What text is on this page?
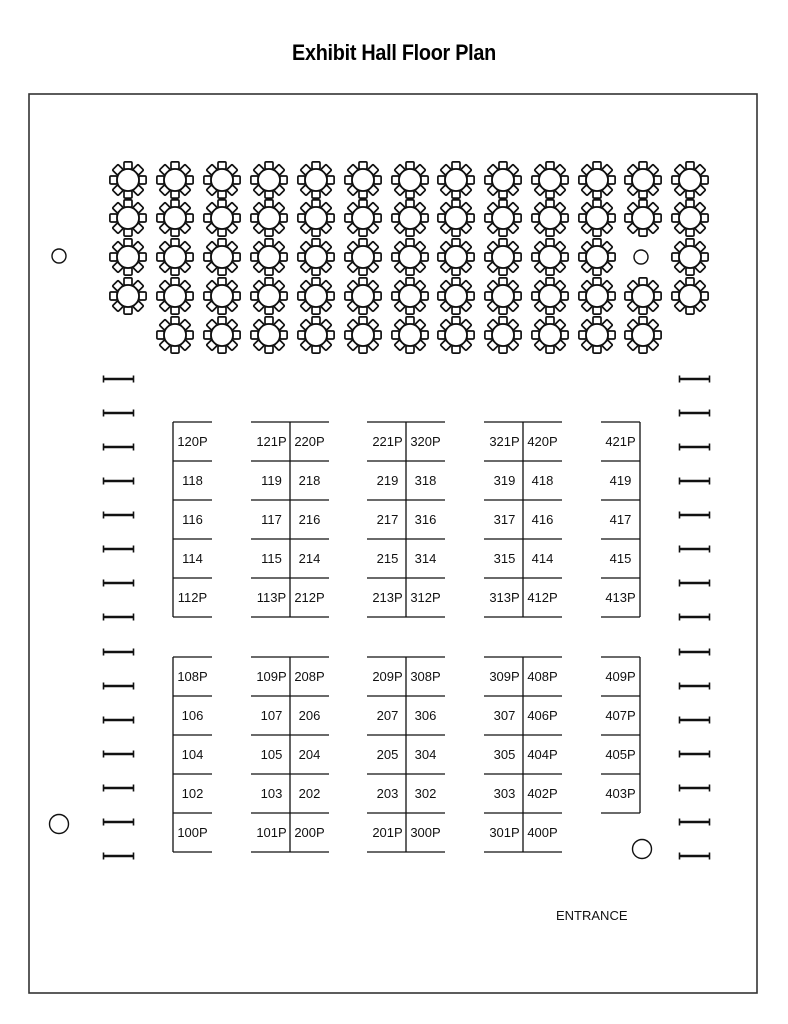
Exhibit Hall Floor Plan
120P
118
116
114
112P
121P
119
117
115
113P
220P
218
216
214
212P
221P
219
217
215
213P
320P
318
316
314
312P
321P
319
317
315
313P
420P
418
416
414
412P
421P
419
417
415
413P
108P
106
104
102
100P
109P
107
105
103
101P
208P
206
204
202
200P
209P
207
205
203
201P
308P
306
304
302
300P
309P
307
305
303
301P
408P
406P
404P
402P
400P
409P
407P
405P
403P
ENTRANCE
